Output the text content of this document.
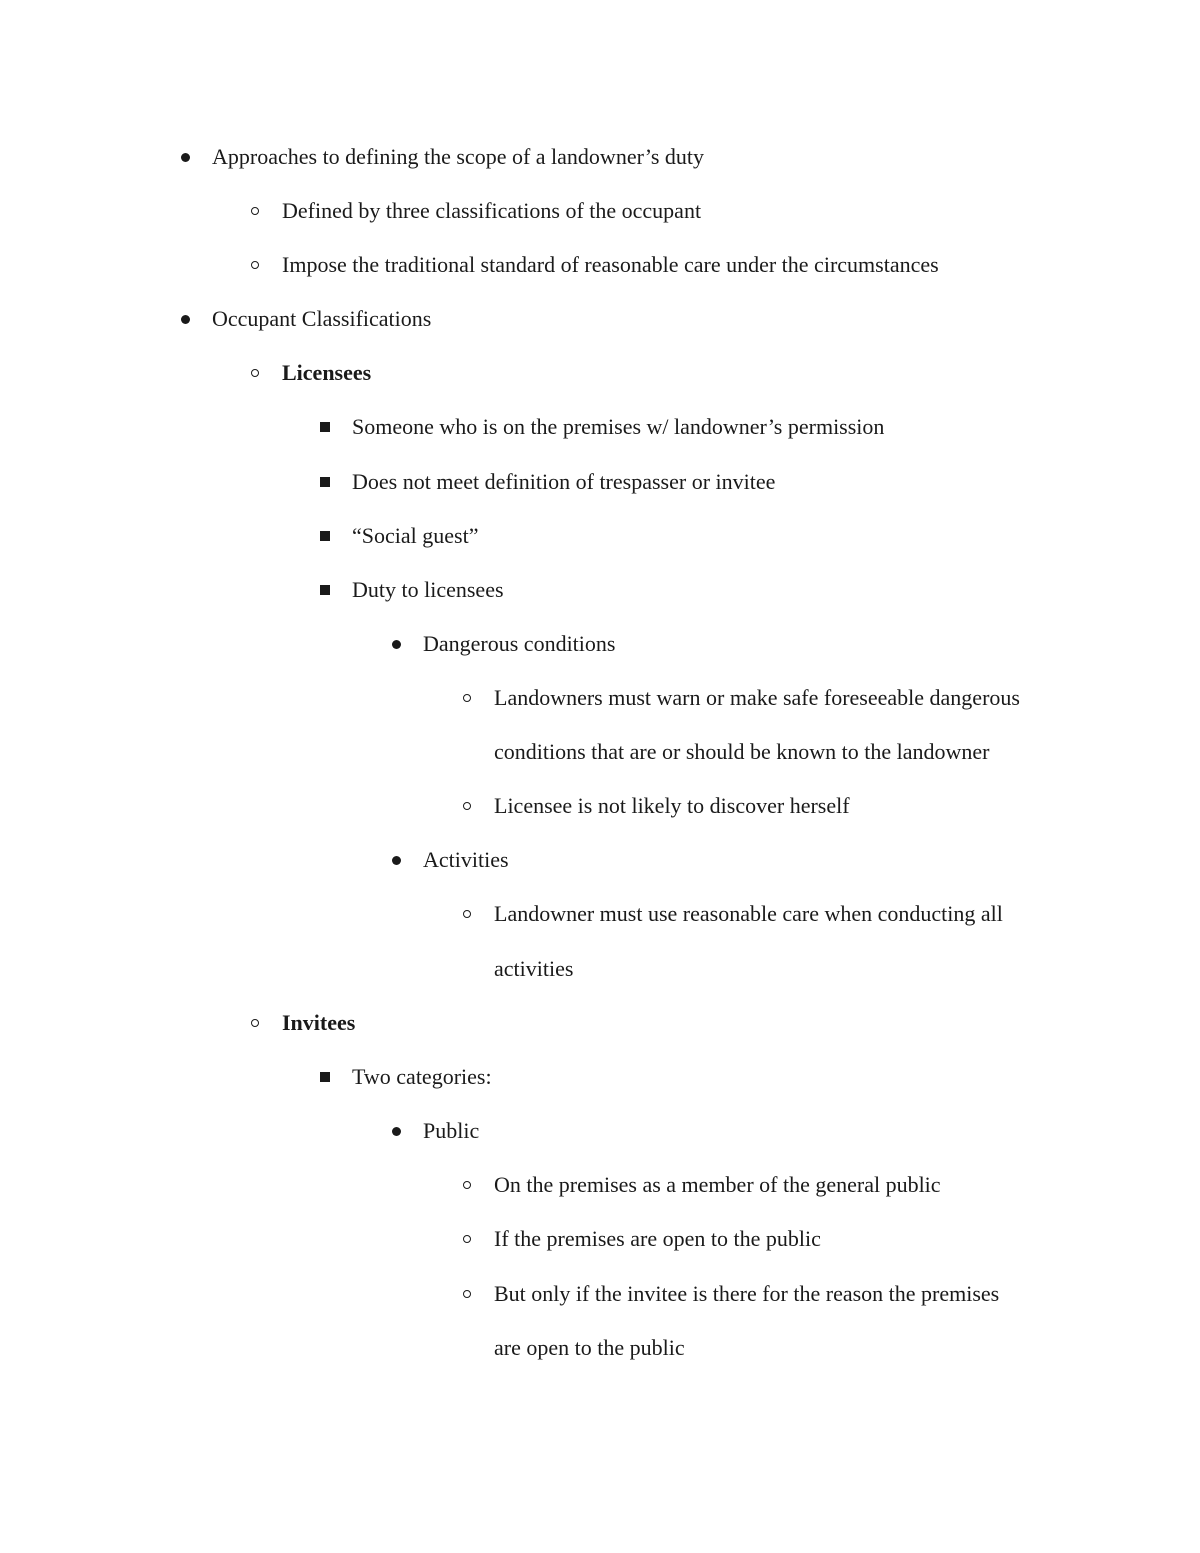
Approaches to defining the scope of a landowner’s duty
Defined by three classifications of the occupant
Impose the traditional standard of reasonable care under the circumstances
Occupant Classifications
Licensees
Someone who is on the premises w/ landowner’s permission
Does not meet definition of trespasser or invitee
“Social guest”
Duty to licensees
Dangerous conditions
Landowners must warn or make safe foreseeable dangerous
conditions that are or should be known to the landowner
Licensee is not likely to discover herself
Activities
Landowner must use reasonable care when conducting all
activities
Invitees
Two categories:
Public
On the premises as a member of the general public
If the premises are open to the public
But only if the invitee is there for the reason the premises
are open to the public
